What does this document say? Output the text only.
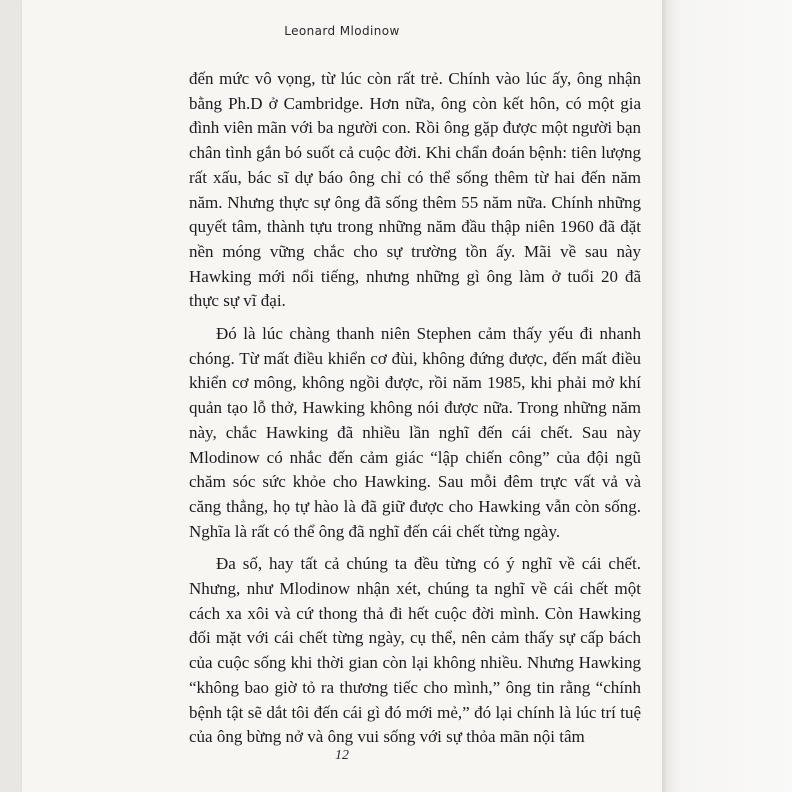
Leonard Mlodinow

đến mức vô vọng, từ lúc còn rất trẻ. Chính vào lúc ấy, ông nhận bằng Ph.D ở Cambridge. Hơn nữa, ông còn kết hôn, có một gia đình viên mãn với ba người con. Rồi ông gặp được một người bạn chân tình gắn bó suốt cả cuộc đời. Khi chẩn đoán bệnh: tiên lượng rất xấu, bác sĩ dự báo ông chỉ có thể sống thêm từ hai đến năm năm. Nhưng thực sự ông đã sống thêm 55 năm nữa. Chính những quyết tâm, thành tựu trong những năm đầu thập niên 1960 đã đặt nền móng vững chắc cho sự trường tồn ấy. Mãi về sau này Hawking mới nổi tiếng, nhưng những gì ông làm ở tuổi 20 đã thực sự vĩ đại.

Đó là lúc chàng thanh niên Stephen cảm thấy yếu đi nhanh chóng. Từ mất điều khiển cơ đùi, không đứng được, đến mất điều khiển cơ mông, không ngồi được, rồi năm 1985, khi phải mở khí quản tạo lỗ thở, Hawking không nói được nữa. Trong những năm này, chắc Hawking đã nhiều lần nghĩ đến cái chết. Sau này Mlodinow có nhắc đến cảm giác “lập chiến công” của đội ngũ chăm sóc sức khỏe cho Hawking. Sau mỗi đêm trực vất vả và căng thẳng, họ tự hào là đã giữ được cho Hawking vẫn còn sống. Nghĩa là rất có thể ông đã nghĩ đến cái chết từng ngày.

Đa số, hay tất cả chúng ta đều từng có ý nghĩ về cái chết. Nhưng, như Mlodinow nhận xét, chúng ta nghĩ về cái chết một cách xa xôi và cứ thong thả đi hết cuộc đời mình. Còn Hawking đối mặt với cái chết từng ngày, cụ thể, nên cảm thấy sự cấp bách của cuộc sống khi thời gian còn lại không nhiều. Nhưng Hawking “không bao giờ tỏ ra thương tiếc cho mình,” ông tin rằng “chính bệnh tật sẽ dắt tôi đến cái gì đó mới mẻ,” đó lại chính là lúc trí tuệ của ông bừng nở và ông vui sống với sự thỏa mãn nội tâm

12
